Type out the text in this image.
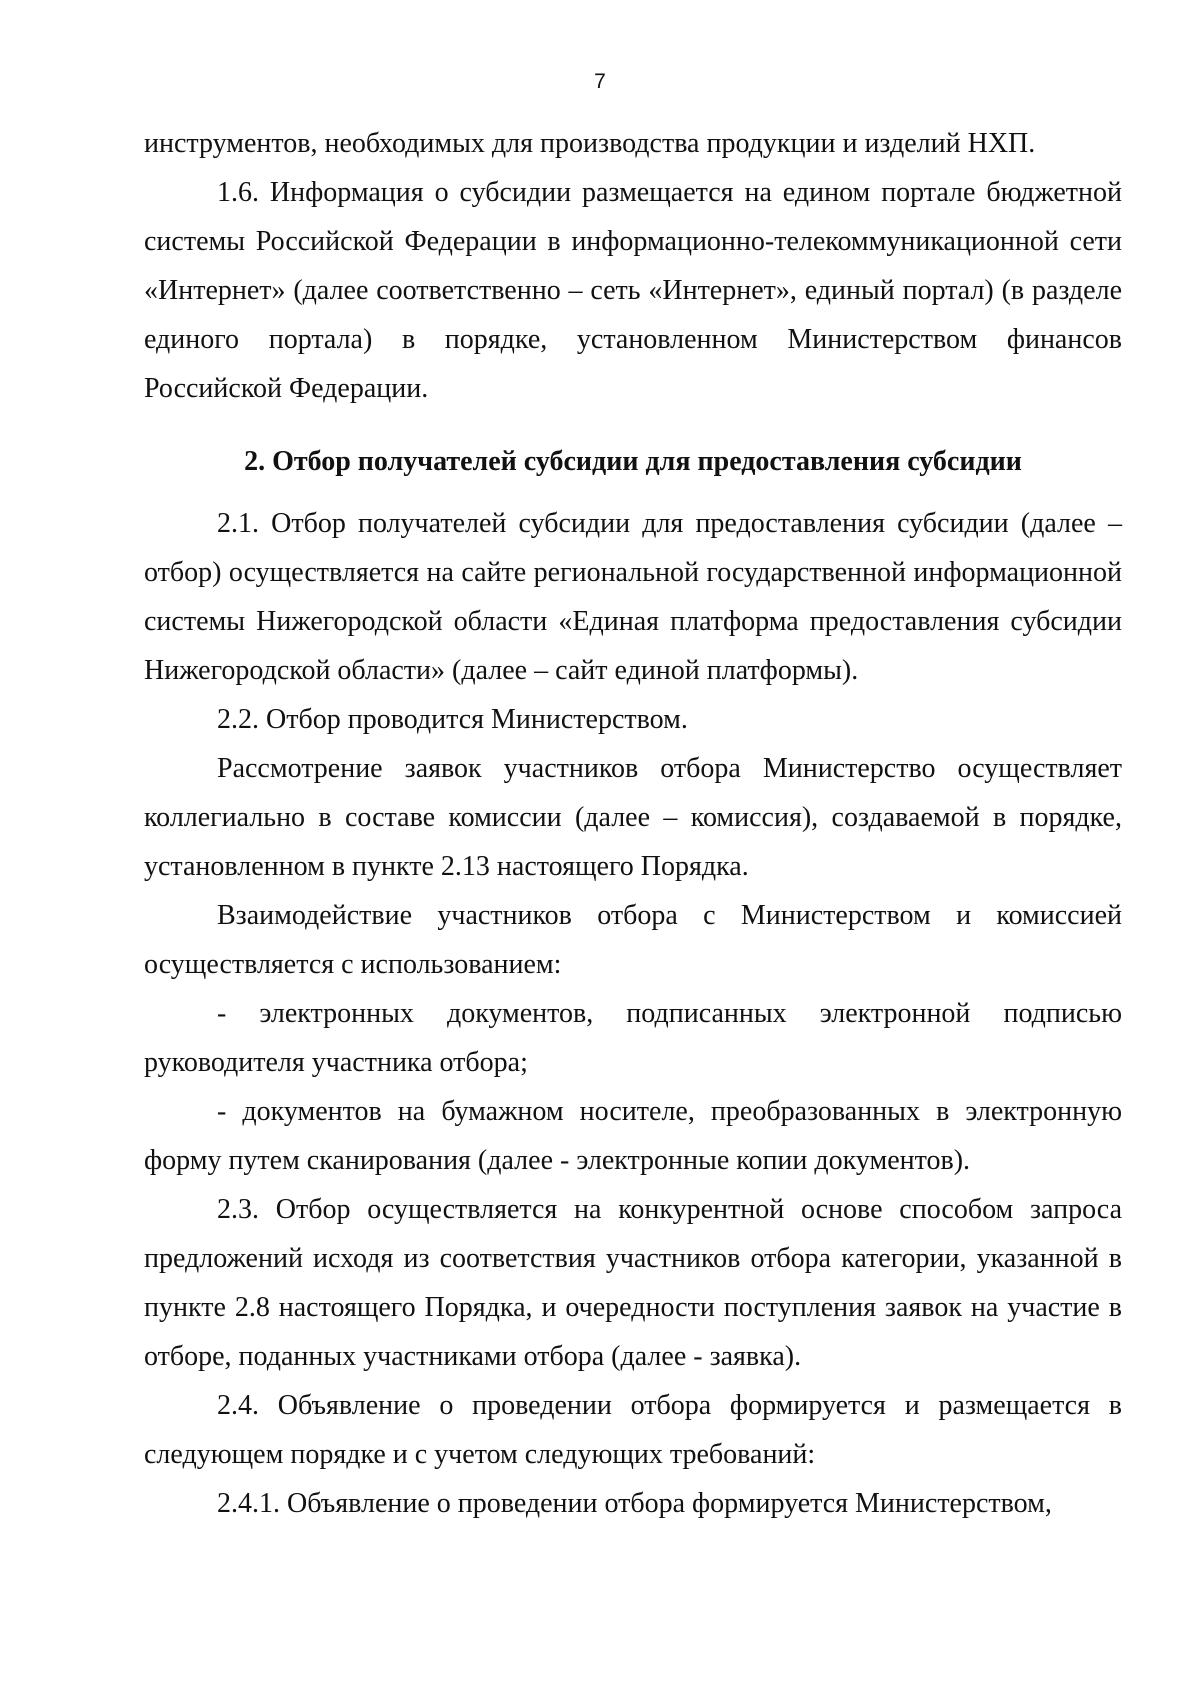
7

инструментов, необходимых для производства продукции и изделий НХП.

1.6. Информация о субсидии размещается на едином портале бюджетной системы Российской Федерации в информационно-телекоммуникационной сети «Интернет» (далее соответственно – сеть «Интернет», единый портал) (в разделе единого портала) в порядке, установленном Министерством финансов Российской Федерации.

2. Отбор получателей субсидии для предоставления субсидии

2.1. Отбор получателей субсидии для предоставления субсидии (далее – отбор) осуществляется на сайте региональной государственной информационной системы Нижегородской области «Единая платформа предоставления субсидии Нижегородской области» (далее – сайт единой платформы).

2.2. Отбор проводится Министерством.

Рассмотрение заявок участников отбора Министерство осуществляет коллегиально в составе комиссии (далее – комиссия), создаваемой в порядке, установленном в пункте 2.13 настоящего Порядка.

Взаимодействие участников отбора с Министерством и комиссией осуществляется с использованием:

- электронных документов, подписанных электронной подписью руководителя участника отбора;

- документов на бумажном носителе, преобразованных в электронную форму путем сканирования (далее - электронные копии документов).

2.3. Отбор осуществляется на конкурентной основе способом запроса предложений исходя из соответствия участников отбора категории, указанной в пункте 2.8 настоящего Порядка, и очередности поступления заявок на участие в отборе, поданных участниками отбора (далее - заявка).

2.4. Объявление о проведении отбора формируется и размещается в следующем порядке и с учетом следующих требований:

2.4.1. Объявление о проведении отбора формируется Министерством,
